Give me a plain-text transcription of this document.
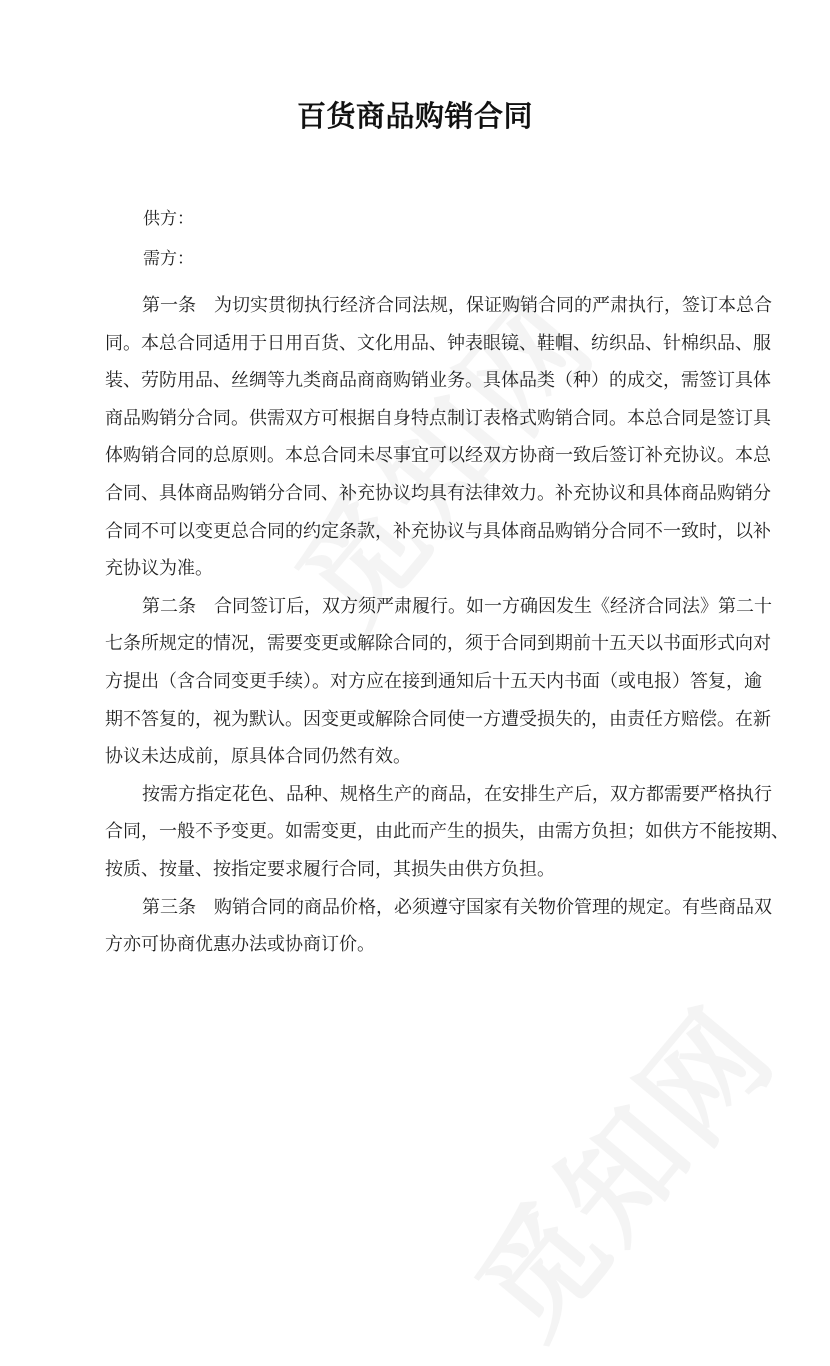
百货商品购销合同
供方：
需方：
第一条　为切实贯彻执行经济合同法规，保证购销合同的严肃执行，签订本总合
同。本总合同适用于日用百货、文化用品、钟表眼镜、鞋帽、纺织品、针棉织品、服
装、劳防用品、丝绸等九类商品商商购销业务。具体品类（种）的成交，需签订具体
商品购销分合同。供需双方可根据自身特点制订表格式购销合同。本总合同是签订具
体购销合同的总原则。本总合同未尽事宜可以经双方协商一致后签订补充协议。本总
合同、具体商品购销分合同、补充协议均具有法律效力。补充协议和具体商品购销分
合同不可以变更总合同的约定条款，补充协议与具体商品购销分合同不一致时，以补
充协议为准。
第二条　合同签订后，双方须严肃履行。如一方确因发生《经济合同法》第二十
七条所规定的情况，需要变更或解除合同的，须于合同到期前十五天以书面形式向对
方提出（含合同变更手续）。对方应在接到通知后十五天内书面（或电报）答复，逾
期不答复的，视为默认。因变更或解除合同使一方遭受损失的，由责任方赔偿。在新
协议未达成前，原具体合同仍然有效。
按需方指定花色、品种、规格生产的商品，在安排生产后，双方都需要严格执行
合同，一般不予变更。如需变更，由此而产生的损失，由需方负担；如供方不能按期、
按质、按量、按指定要求履行合同，其损失由供方负担。
第三条　购销合同的商品价格，必须遵守国家有关物价管理的规定。有些商品双
方亦可协商优惠办法或协商订价。
